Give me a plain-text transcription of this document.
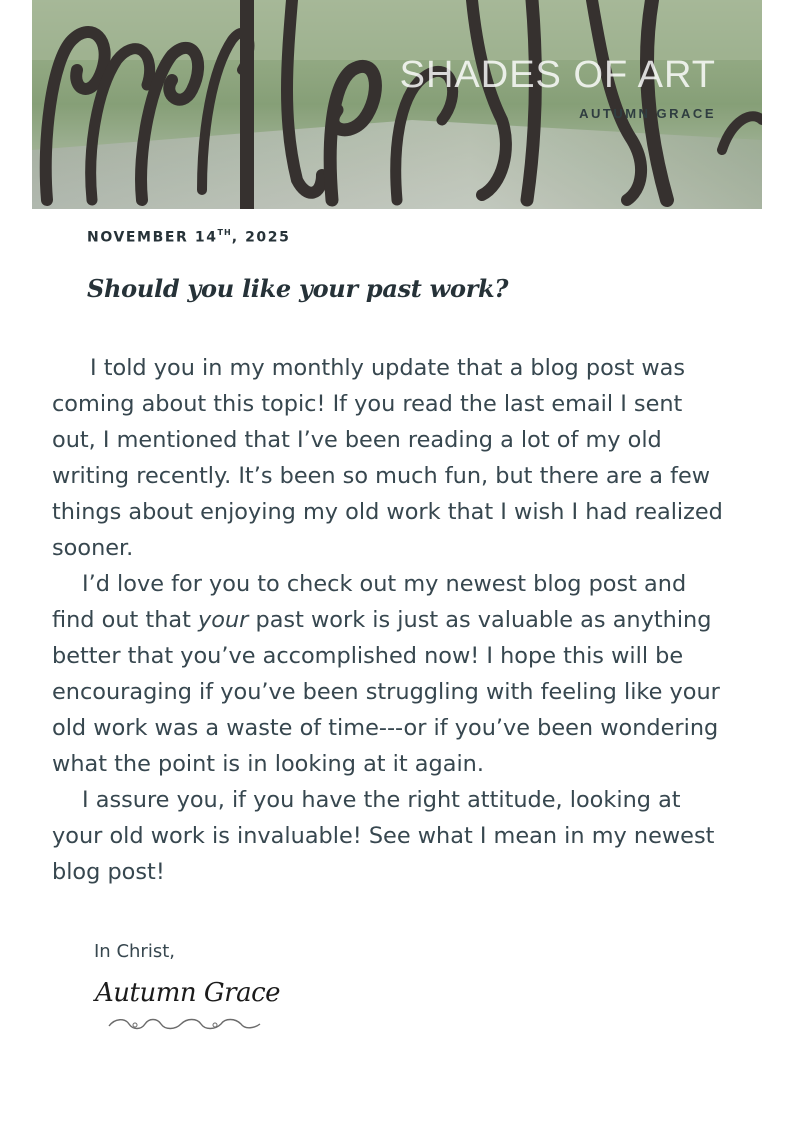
SHADES OF ART
AUTUMN GRACE
NOVEMBER 14TH, 2025
Should you like your past work?

I told you in my monthly update that a blog post was coming about this topic! If you read the last email I sent out, I mentioned that I’ve been reading a lot of my old writing recently. It’s been so much fun, but there are a few things about enjoying my old work that I wish I had realized sooner.

I’d love for you to check out my newest blog post and find out that your past work is just as valuable as anything better that you’ve accomplished now! I hope this will be encouraging if you’ve been struggling with feeling like your old work was a waste of time---or if you’ve been wondering what the point is in looking at it again.

I assure you, if you have the right attitude, looking at your old work is invaluable! See what I mean in my newest blog post!

In Christ,
Autumn Grace
